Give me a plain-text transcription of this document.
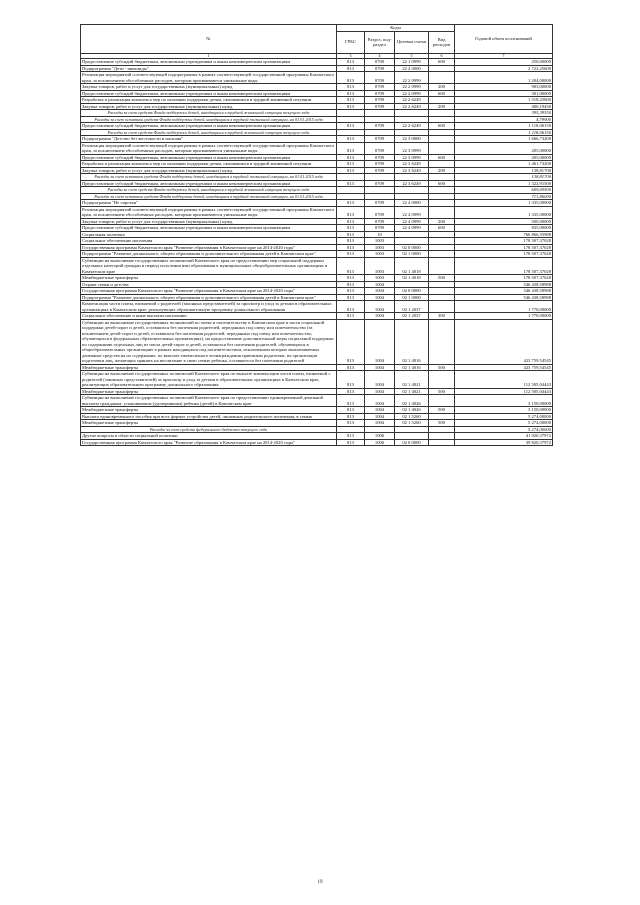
№	Коды				Годовой объем ассигнований
	ГРБС	Раздел, под-раздел	Целевая статья	Вид расходов	
1	3	4	5	6	7
Предоставление субсидий бюджетным, автономным учреждениям и иным некоммерческим организациям	813	0709	22 1 0999	600	250,00000
Подпрограмма "Дети - инвалиды"	813	0709	22 2 0000		2 722,25600
Реализация мероприятий соответствующей подпрограммы в рамках соответствующей государственной программы Камчатского края, за исключением обособленных расходов, которым присваиваются уникальные коды	813	0709	22 2 0999		1 204,00000
Закупка товаров, работ и услуг для государственных (муниципальных) нужд	813	0709	22 2 0999	200	903,00000
Предоставление субсидий бюджетным, автономным учреждениям и иным некоммерческим организациям	813	0709	22 2 0999	600	301,00000
Разработка и реализация комплекса мер по оказанию поддержки детям, оказавшимся в трудной жизненной ситуации	813	0709	22 2 6249		1 518,25600
Закупка товаров, работ и услуг для государственных (муниципальных) нужд	813	0709	22 2 6249	200	400,19450
Расходы за счет средств Фонда поддержки детей, находящихся в трудной жизненной ситуации текущего года					395,39550
Расходы за счет остатков средств Фонда поддержки детей, находящихся в трудной жизненной ситуации, на 01.01.2015 года					4,79900
Предоставление субсидий бюджетным, автономным учреждениям и иным некоммерческим организациям	813	0709	22 2 6249	600	1 118,06150
Расходы за счет средств Фонда поддержки детей, находящихся в трудной жизненной ситуации текущего года					1 118,06150
Подпрограмма "Детство без жестокости и насилия"	813	0709	22 3 0000		1 666,73200
Реализация мероприятий соответствующей подпрограммы в рамках соответствующей государственной программы Камчатского края, за исключением обособленных расходов, которым присваиваются уникальные коды	813	0709	22 3 0999		205,00000
Предоставление субсидий бюджетным, автономным учреждениям и иным некоммерческим организациям	813	0709	22 3 0999	600	205,00000
Разработка и реализация комплекса мер по оказанию поддержки детям, оказавшимся в трудной жизненной ситуации	813	0709	22 3 6249		1 461,73200
Закупка товаров, работ и услуг для государственных (муниципальных) нужд	813	0709	22 3 6249	200	138,81700
Расходы за счет остатков средств Фонда поддержки детей, находящихся в трудной жизненной ситуации, на 01.01.2015 года					138,81700
Предоставление субсидий бюджетным, автономным учреждениям и иным некоммерческим организациям	813	0709	22 3 6249	600	1 322,91500
Расходы за счет средств Фонда поддержки детей, находящихся в трудной жизненной ситуации текущего года					609,05500
Расходы за счет остатков средств Фонда поддержки детей, находящихся в трудной жизненной ситуации, на 01.01.2015 года					713,86000
Подпрограмма "Не сиротки"	813	0709	22 4 0000		1 335,00000
Реализация мероприятий соответствующей подпрограммы в рамках соответствующей государственной программы Камчатского края, за исключением обособленных расходов, которым присваиваются уникальные коды	813	0709	22 4 0999		1 335,00000
Закупка товаров, работ и услуг для государственных (муниципальных) нужд	813	0709	22 4 0999	200	500,00000
Предоставление субсидий бюджетным, автономным учреждениям и иным некоммерческим организациям	813	0709	22 4 0999	600	835,00000
Социальная политика	813	10			766 866,55988
Социальное обеспечение населения	813	1003			178 507,37028
Государственная программа Камчатского края "Развитие образования в Камчатском крае на 2014-2020 годы"	813	1003	02 0 0000		178 507,37028
Подпрограмма "Развитие дошкольного, общего образования и дополнительного образования детей в Камчатском крае"	813	1003	02 1 0000		178 507,37028
Субвенции на выполнение государственных полномочий Камчатского края по предоставлению мер социальной поддержки отдельных категорий граждан в период получения ими образования в муниципальных общеобразовательных организациях в Камчатском крае	813	1003	02 1 4018		178 507,37028
Межбюджетные трансферты	813	1003	02 1 4018	500	178 507,37028
Охрана семьи и детства	813	1004			546 438,58988
Государственная программа Камчатского края "Развитие образования в Камчатском крае на 2014-2020 годы"	813	1004	02 0 0000		546 438,58988
Подпрограмма "Развитие дошкольного, общего образования и дополнительного образования детей в Камчатском крае"	813	1004	02 1 0000		546 438,58988
Компенсация части платы, взимаемой с родителей (законных представителей) за присмотр и уход за детьми в образовательных организациях в Камчатском крае, реализующих образовательную программу дошкольного образования	813	1004	02 1 2037		1 770,00000
Социальное обеспечение и иные выплаты населению	813	1004	02 1 2037	300	1 770,00000
Субвенции на выполнение государственных полномочий по опеке и попечительству в Камчатском крае в части социальной поддержки детей-сирот и детей, оставшихся без попечения родителей, переданных под опеку или попечительство (за исключением детей-сирот и детей, оставшихся без попечения родителей, переданных под опеку или попечительство, обучающихся в федеральных образовательных организациях), на предоставление дополнительной меры социальной поддержки по содержанию отдельных лиц из числа детей-сирот и детей, оставшихся без попечения родителей, обучающихся в общеобразовательных организациях в рамках находящихся под попечительством, исключением которых выплачиваемых денежные средства на их содержание, по выплате ежемесячного вознаграждения приемным родителям, их организации подготовки лиц, желающих принять на воспитание в свою семью ребенка, оставшегося без попечения родителей	813	1004	02 1 4016		423 759,54545
Межбюджетные трансферты	813	1004	02 1 4016	500	423 759,54545
Субвенции на выполнение государственных полномочий Камчатского края по выплате компенсации части платы, взимаемой с родителей (законных представителей) за присмотр и уход за детьми в образовательных организациях в Камчатском крае, реализующих образовательную программу дошкольного образования	813	1004	02 1 4021		112 505,04443
Межбюджетные трансферты	813	1004	02 1 4021	500	112 505,04443
Субвенции на выполнение государственных полномочий Камчатского края по предоставлению единовременной денежной выплаты гражданам, усыновившим (удочерившим) ребенка (детей) в Камчатском крае	813	1004	02 1 4026		3 150,00000
Межбюджетные трансферты	813	1004	02 1 4026	500	3 150,00000
Выплата единовременного пособия при всех формах устройства детей, лишенных родительского попечения, в семью	813	1004	02 1 5260		5 274,00000
Межбюджетные трансферты	813	1004	02 1 5260	500	5 274,00000
Расходы за счет средств федерального бюджета текущего года					5 274,00000
Другие вопросы в области социальной политики	813	1006			41 920,37972
Государственная программа Камчатского края "Развитие образования в Камчатском крае на 2014-2020 годы"	813	1006	02 0 0000		39 820,37972
19
